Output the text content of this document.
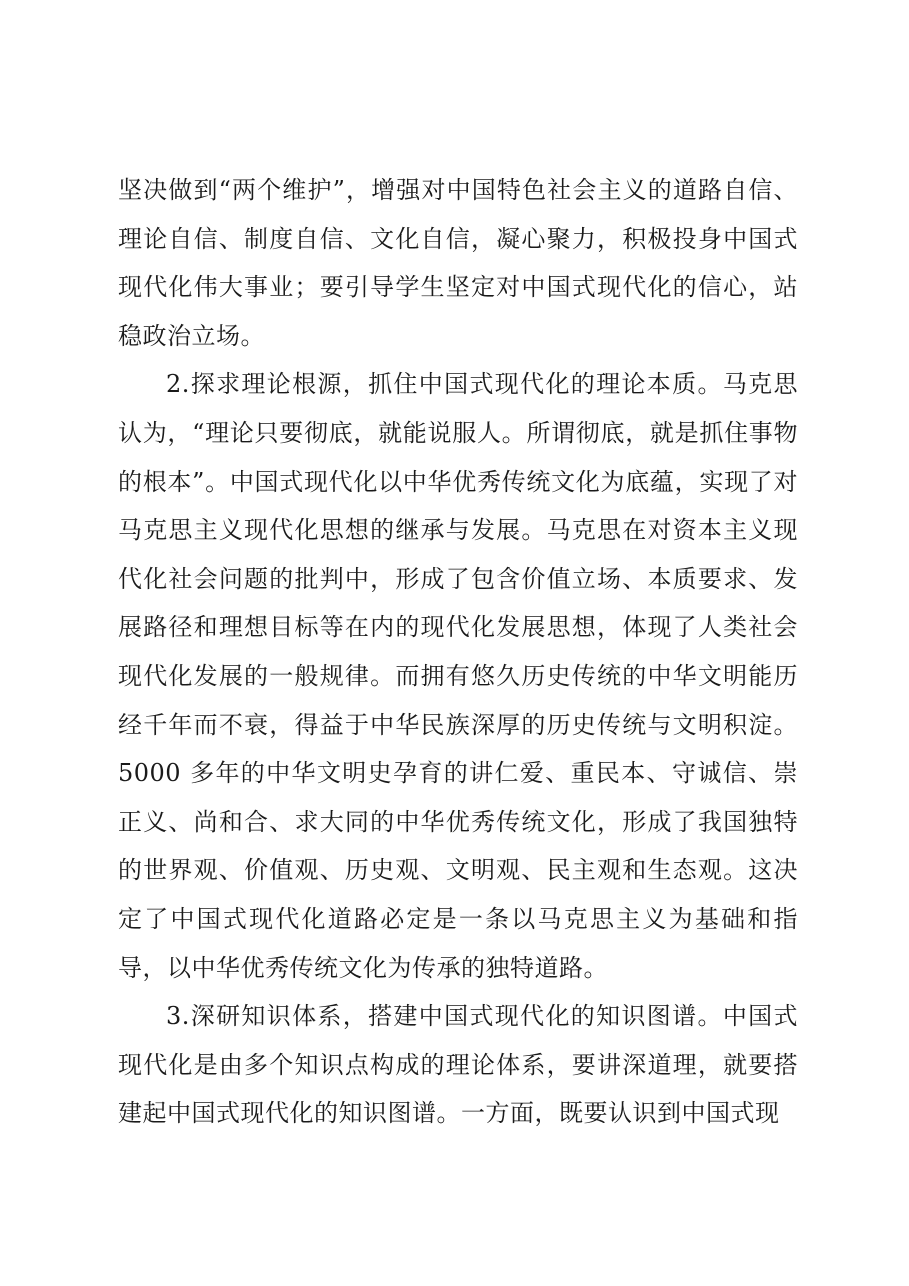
坚决做到“两个维护”，增强对中国特色社会主义的道路自信、理论自信、制度自信、文化自信，凝心聚力，积极投身中国式现代化伟大事业；要引导学生坚定对中国式现代化的信心，站稳政治立场。

2.探求理论根源，抓住中国式现代化的理论本质。马克思认为，“理论只要彻底，就能说服人。所谓彻底，就是抓住事物的根本”。中国式现代化以中华优秀传统文化为底蕴，实现了对马克思主义现代化思想的继承与发展。马克思在对资本主义现代化社会问题的批判中，形成了包含价值立场、本质要求、发展路径和理想目标等在内的现代化发展思想，体现了人类社会现代化发展的一般规律。而拥有悠久历史传统的中华文明能历经千年而不衰，得益于中华民族深厚的历史传统与文明积淀。5000 多年的中华文明史孕育的讲仁爱、重民本、守诚信、崇正义、尚和合、求大同的中华优秀传统文化，形成了我国独特的世界观、价值观、历史观、文明观、民主观和生态观。这决定了中国式现代化道路必定是一条以马克思主义为基础和指导，以中华优秀传统文化为传承的独特道路。

3.深研知识体系，搭建中国式现代化的知识图谱。中国式现代化是由多个知识点构成的理论体系，要讲深道理，就要搭建起中国式现代化的知识图谱。一方面，既要认识到中国式现
